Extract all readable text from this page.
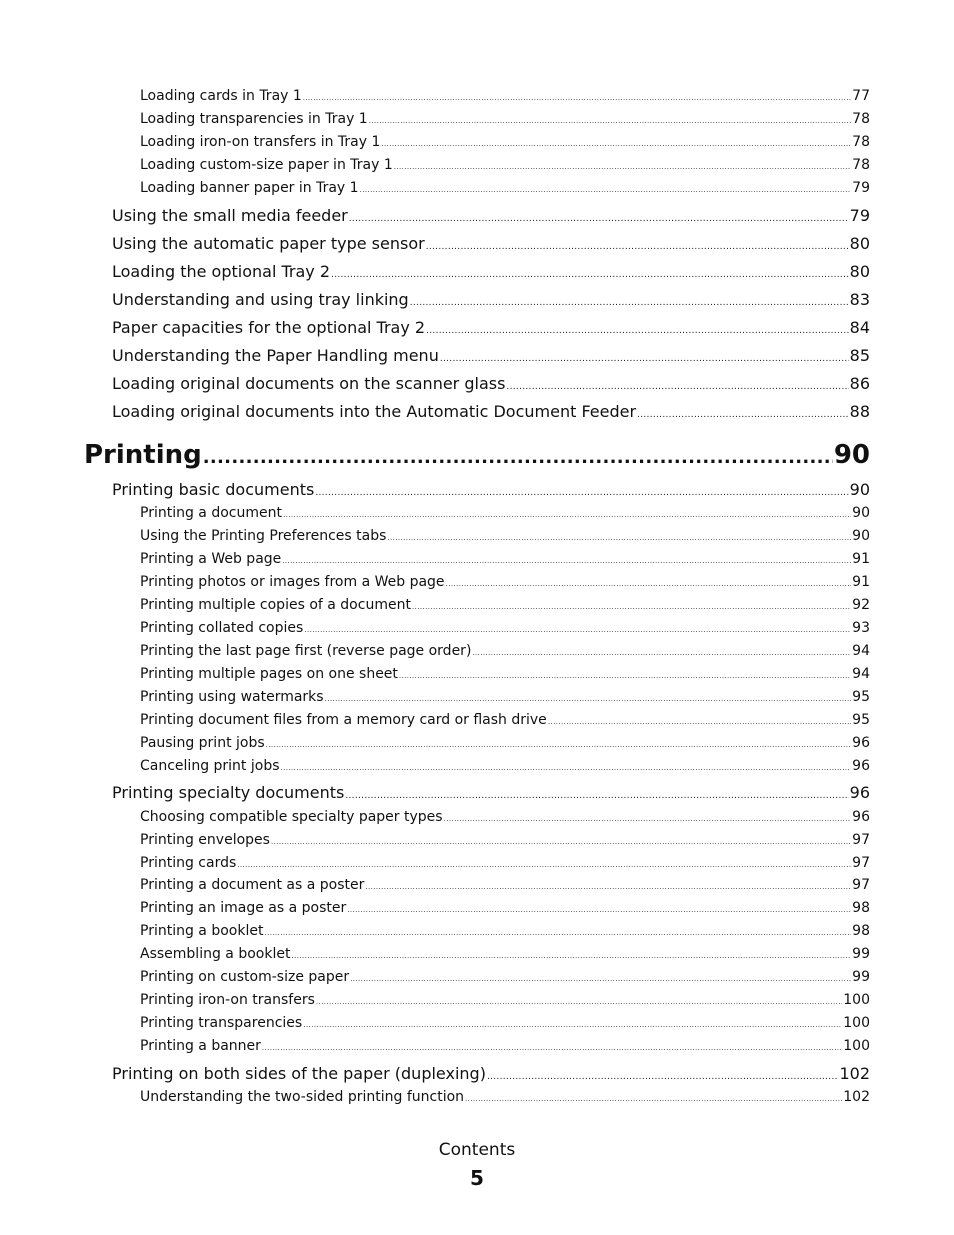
Loading cards in Tray 1 .....	77
Loading transparencies in Tray 1 .....	78
Loading iron-on transfers in Tray 1 .....	78
Loading custom-size paper in Tray 1 .....	78
Loading banner paper in Tray 1 .....	79
Using the small media feeder .....	79
Using the automatic paper type sensor .....	80
Loading the optional Tray 2 .....	80
Understanding and using tray linking .....	83
Paper capacities for the optional Tray 2 .....	84
Understanding the Paper Handling menu .....	85
Loading original documents on the scanner glass .....	86
Loading original documents into the Automatic Document Feeder .....	88
Printing .....	90
Printing basic documents .....	90
Printing a document .....	90
Using the Printing Preferences tabs .....	90
Printing a Web page .....	91
Printing photos or images from a Web page .....	91
Printing multiple copies of a document .....	92
Printing collated copies .....	93
Printing the last page first (reverse page order) .....	94
Printing multiple pages on one sheet .....	94
Printing using watermarks .....	95
Printing document files from a memory card or flash drive .....	95
Pausing print jobs .....	96
Canceling print jobs .....	96
Printing specialty documents .....	96
Choosing compatible specialty paper types .....	96
Printing envelopes .....	97
Printing cards .....	97
Printing a document as a poster .....	97
Printing an image as a poster .....	98
Printing a booklet .....	98
Assembling a booklet .....	99
Printing on custom-size paper .....	99
Printing iron-on transfers .....	100
Printing transparencies .....	100
Printing a banner .....	100
Printing on both sides of the paper (duplexing) .....	102
Understanding the two-sided printing function .....	102
Contents
5
